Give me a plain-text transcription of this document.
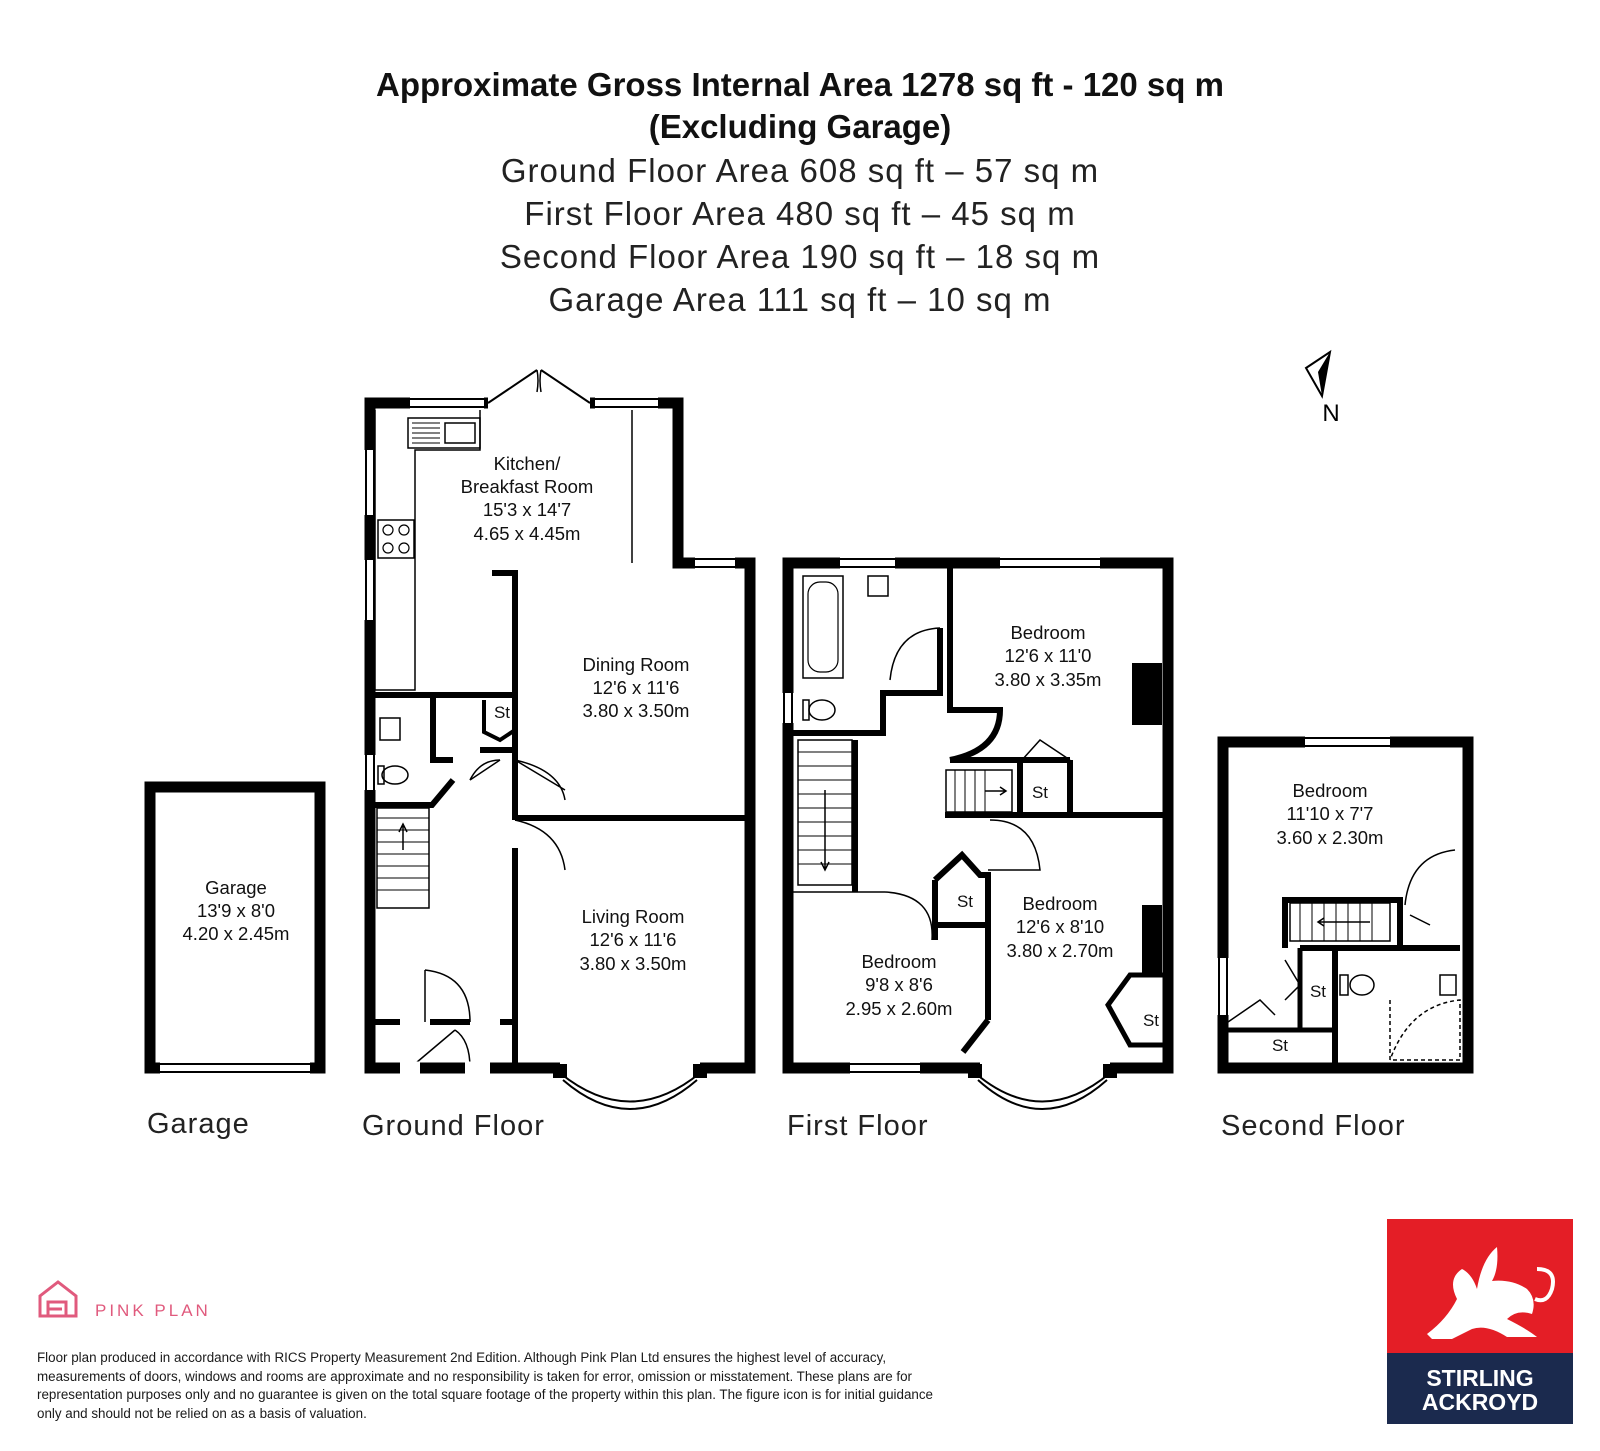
Approximate Gross Internal Area 1278 sq ft - 120 sq m
(Excluding Garage)
Ground Floor Area 608 sq ft – 57 sq m
First Floor Area 480 sq ft – 45 sq m
Second Floor Area 190 sq ft – 18 sq m
Garage Area 111 sq ft – 10 sq m
N
Garage
13'9 x 8'0
4.20 x 2.45m
Kitchen/
Breakfast Room
15'3 x 14'7
4.65 x 4.45m
Dining Room
12'6 x 11'6
3.80 x 3.50m
Living Room
12'6 x 11'6
3.80 x 3.50m
Bedroom
12'6 x 11'0
3.80 x 3.35m
Bedroom
12'6 x 8'10
3.80 x 2.70m
Bedroom
9'8 x 8'6
2.95 x 2.60m
Bedroom
11'10 x 7'7
3.60 x 2.30m
St
St
St
St
St
St
Garage	Ground Floor	First Floor	Second Floor
PINK PLAN
STIRLING
ACKROYD
Floor plan produced in accordance with RICS Property Measurement 2nd Edition. Although Pink Plan Ltd ensures the highest level of accuracy, measurements of doors, windows and rooms are approximate and no responsibility is taken for error, omission or misstatement. These plans are for representation purposes only and no guarantee is given on the total square footage of the property within this plan. The figure icon is for initial guidance only and should not be relied on as a basis of valuation.
